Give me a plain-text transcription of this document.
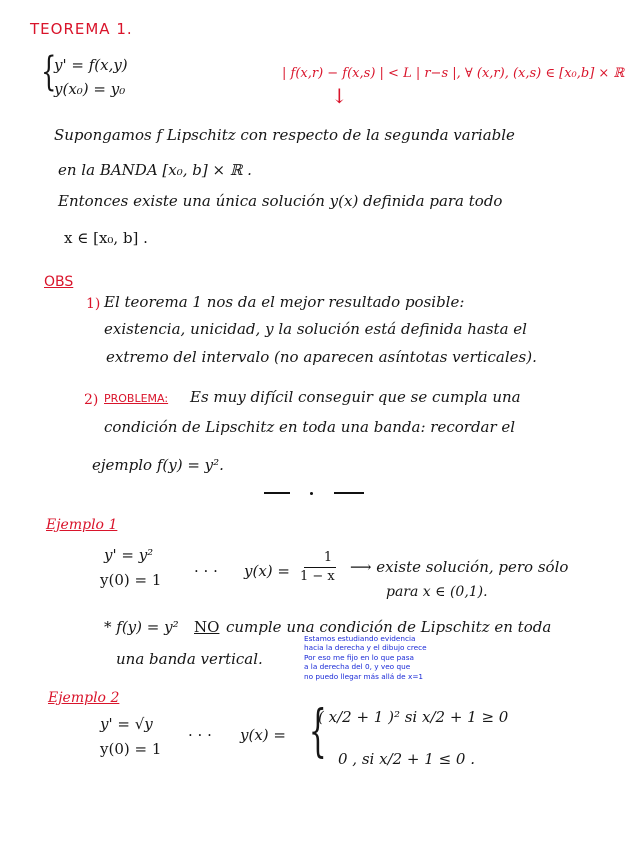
TEOREMA 1.
{
y' = f(x,y)
y(x₀) = y₀
| f(x,r) − f(x,s) | < L | r−s |, ∀ (x,r), (x,s) ∈ [x₀,b] × ℝ
↓
Supongamos f Lipschitz con respecto de la segunda variable
en la BANDA [x₀, b] × ℝ .
Entonces existe una única solución y(x) definida para todo
x ∈ [x₀, b] .
OBS
1) El teorema 1 nos da el mejor resultado posible:
existencia, unicidad, y la solución está definida hasta el
extremo del intervalo (no aparecen asíntotas verticales).
2) PROBLEMA: Es muy difícil conseguir que se cumpla una
condición de Lipschitz en toda una banda: recordar el
ejemplo f(y) = y².
Ejemplo 1
y' = y²
y(0) = 1 · · · y(x) =
1
1 − x
⟶ existe solución, pero sólo
para x ∈ (0,1).
* f(y) = y² NO cumple una condición de Lipschitz en toda
una banda vertical.
Estamos estudiando evidencia
hacia la derecha y el dibujo crece
Por eso me fijo en lo que pasa
a la derecha del 0, y veo que
no puedo llegar más allá de x=1
Ejemplo 2
y' = √y
y(0) = 1
· · · y(x) = {
( x/2 + 1 )² si x/2 + 1 ≥ 0
0 , si x/2 + 1 ≤ 0 .
